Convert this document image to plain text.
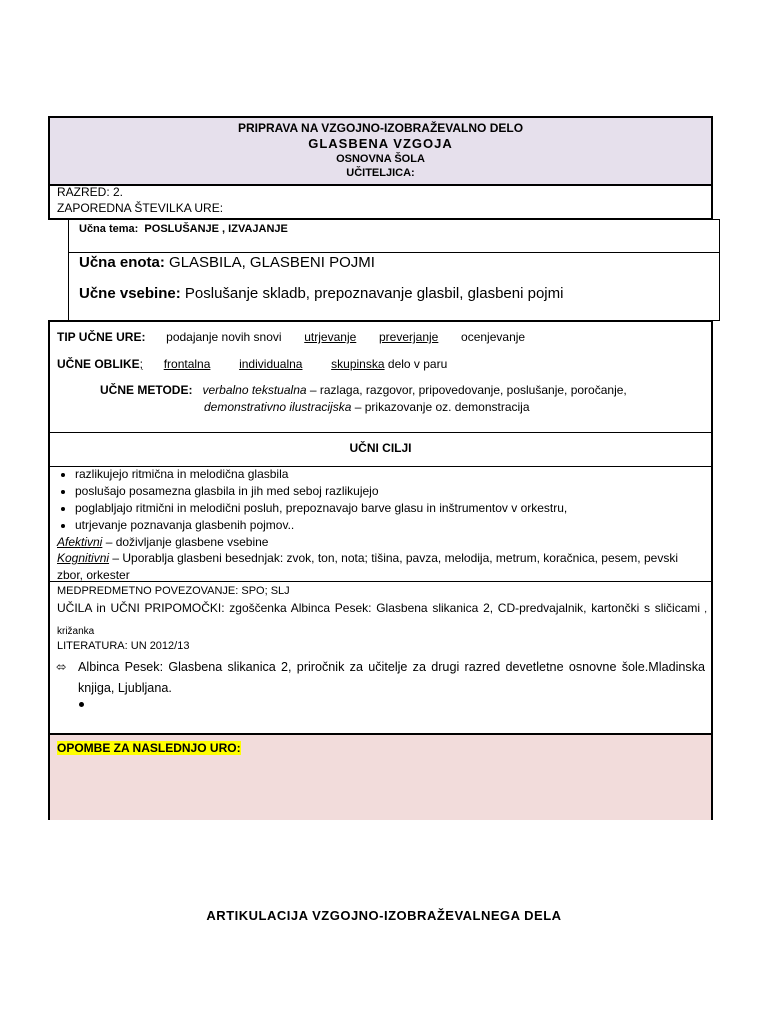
PRIPRAVA NA VZGOJNO-IZOBRAŽEVALNO DELO
GLASBENA VZGOJA
OSNOVNA ŠOLA
UČITELJICA:
RAZRED: 2.
ZAPOREDNA ŠTEVILKA URE:
Učna tema: POSLUŠANJE , IZVAJANJE
Učna enota: GLASBILA, GLASBENI POJMI
Učne vsebine: Poslušanje skladb, prepoznavanje glasbil, glasbeni pojmi
TIP UČNE URE: podajanje novih snovi utrjevanje preverjanje ocenjevanje
UČNE OBLIKE; frontalna individualna skupinska delo v paru
UČNE METODE: verbalno tekstualna – razlaga, razgovor, pripovedovanje, poslušanje, poročanje,
demonstrativno ilustracijska – prikazovanje oz. demonstracija
UČNI CILJI
• razlikujejo ritmična in melodična glasbila
• poslušajo posamezna glasbila in jih med seboj razlikujejo
• poglabljajo ritmični in melodični posluh, prepoznavajo barve glasu in inštrumentov v orkestru,
• utrjevanje poznavanja glasbenih pojmov..
Afektivni – doživljanje glasbene vsebine
Kognitivni – Uporablja glasbeni besednjak: zvok, ton, nota; tišina, pavza, melodija, metrum, koračnica, pesem, pevski zbor, orkester
MEDPREDMETNO POVEZOVANJE: SPO; SLJ
UČILA in UČNI PRIPOMOČKI: zgoščenka Albinca Pesek: Glasbena slikanica 2, CD-predvajalnik, kartončki s sličicami , križanka
LITERATURA: UN 2012/13
⬄ Albinca Pesek: Glasbena slikanica 2, priročnik za učitelje za drugi razred devetletne osnovne šole.Mladinska knjiga, Ljubljana.
OPOMBE ZA NASLEDNJO URO:
ARTIKULACIJA VZGOJNO-IZOBRAŽEVALNEGA DELA
